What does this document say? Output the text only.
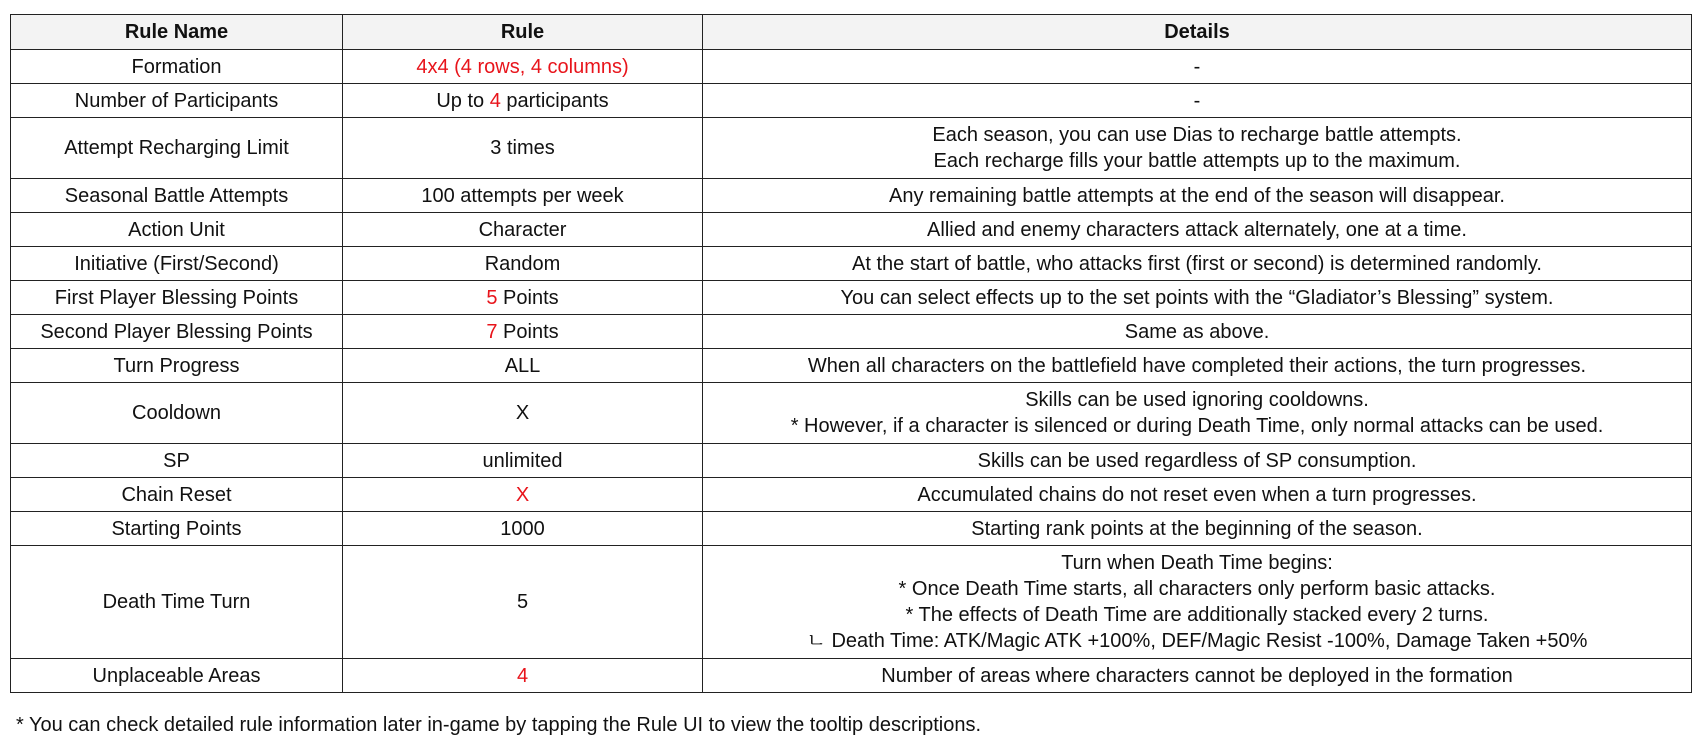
Rule Name	Rule	Details
Formation	4x4 (4 rows, 4 columns)	-

Number of Participants	Up to 4 participants	-

Attempt Recharging Limit	3 times	Each season, you can use Dias to recharge battle attempts.
Each recharge fills your battle attempts up to the maximum.

Seasonal Battle Attempts	100 attempts per week	Any remaining battle attempts at the end of the season will disappear.

Action Unit	Character	Allied and enemy characters attack alternately, one at a time.

Initiative (First/Second)	Random	At the start of battle, who attacks first (first or second) is determined randomly.

First Player Blessing Points	5 Points	You can select effects up to the set points with the “Gladiator’s Blessing” system.

Second Player Blessing Points	7 Points	Same as above.

Turn Progress	ALL	When all characters on the battlefield have completed their actions, the turn progresses.

Cooldown	X	Skills can be used ignoring cooldowns.
* However, if a character is silenced or during Death Time, only normal attacks can be used.

SP	unlimited	Skills can be used regardless of SP consumption.

Chain Reset	X	Accumulated chains do not reset even when a turn progresses.

Starting Points	1000	Starting rank points at the beginning of the season.

Death Time Turn	5	Turn when Death Time begins:
* Once Death Time starts, all characters only perform basic attacks.
* The effects of Death Time are additionally stacked every 2 turns.
ㄴ Death Time: ATK/Magic ATK +100%, DEF/Magic Resist -100%, Damage Taken +50%

Unplaceable Areas	4	Number of areas where characters cannot be deployed in the formation
* You can check detailed rule information later in-game by tapping the Rule UI to view the tooltip descriptions.
